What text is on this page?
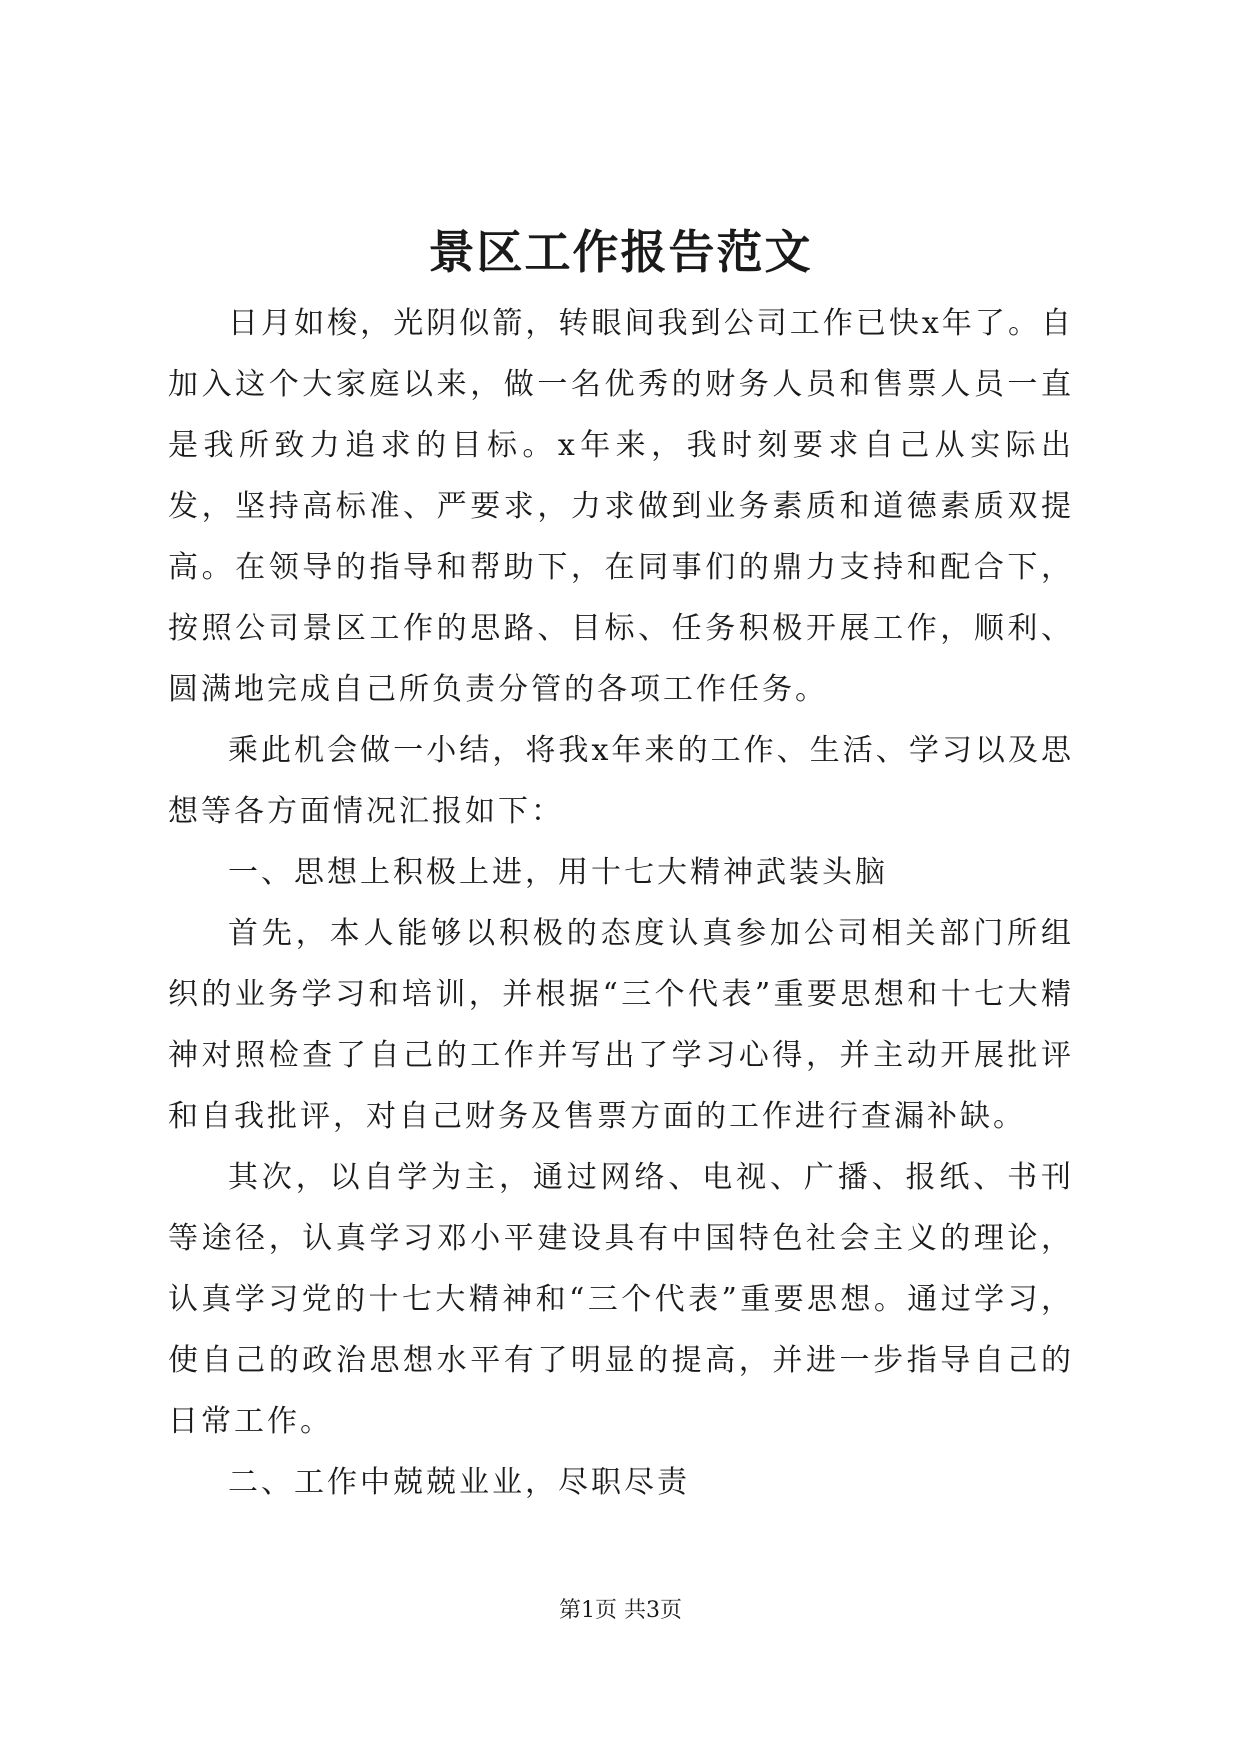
景区工作报告范文

日月如梭，光阴似箭，转眼间我到公司工作已快x年了。自加入这个大家庭以来，做一名优秀的财务人员和售票人员一直是我所致力追求的目标。x年来，我时刻要求自己从实际出发，坚持高标准、严要求，力求做到业务素质和道德素质双提高。在领导的指导和帮助下，在同事们的鼎力支持和配合下，按照公司景区工作的思路、目标、任务积极开展工作，顺利、圆满地完成自己所负责分管的各项工作任务。

乘此机会做一小结，将我x年来的工作、生活、学习以及思想等各方面情况汇报如下：

一、思想上积极上进，用十七大精神武装头脑

首先，本人能够以积极的态度认真参加公司相关部门所组织的业务学习和培训，并根据“三个代表”重要思想和十七大精神对照检查了自己的工作并写出了学习心得，并主动开展批评和自我批评，对自己财务及售票方面的工作进行查漏补缺。

其次，以自学为主，通过网络、电视、广播、报纸、书刊等途径，认真学习邓小平建设具有中国特色社会主义的理论，认真学习党的十七大精神和“三个代表”重要思想。通过学习，使自己的政治思想水平有了明显的提高，并进一步指导自己的日常工作。

二、工作中兢兢业业，尽职尽责

第1页 共3页
